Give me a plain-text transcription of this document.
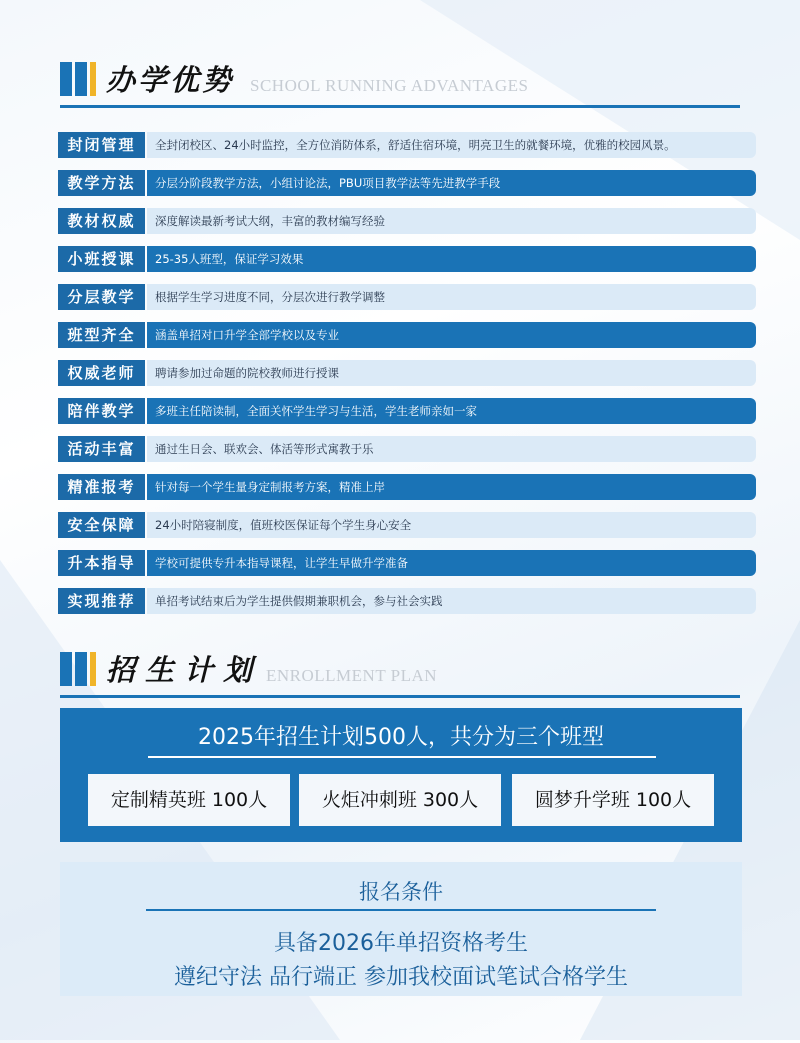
办学优势 SCHOOL RUNNING ADVANTAGES
封闭管理	全封闭校区、24小时监控，全方位消防体系，舒适住宿环境，明亮卫生的就餐环境，优雅的校园风景。
教学方法	分层分阶段教学方法，小组讨论法，PBU项目教学法等先进教学手段
教材权威	深度解读最新考试大纲，丰富的教材编写经验
小班授课	25-35人班型，保证学习效果
分层教学	根据学生学习进度不同，分层次进行教学调整
班型齐全	涵盖单招对口升学全部学校以及专业
权威老师	聘请参加过命题的院校教师进行授课
陪伴教学	多班主任陪读制，全面关怀学生学习与生活，学生老师亲如一家
活动丰富	通过生日会、联欢会、体活等形式寓教于乐
精准报考	针对每一个学生量身定制报考方案，精准上岸
安全保障	24小时陪寝制度，值班校医保证每个学生身心安全
升本指导	学校可提供专升本指导课程，让学生早做升学准备
实现推荐	单招考试结束后为学生提供假期兼职机会，参与社会实践
招生计划 ENROLLMENT PLAN
2025年招生计划500人，共分为三个班型
定制精英班 100人	火炬冲刺班 300人	圆梦升学班 100人
报名条件
具备2026年单招资格考生
遵纪守法 品行端正 参加我校面试笔试合格学生
